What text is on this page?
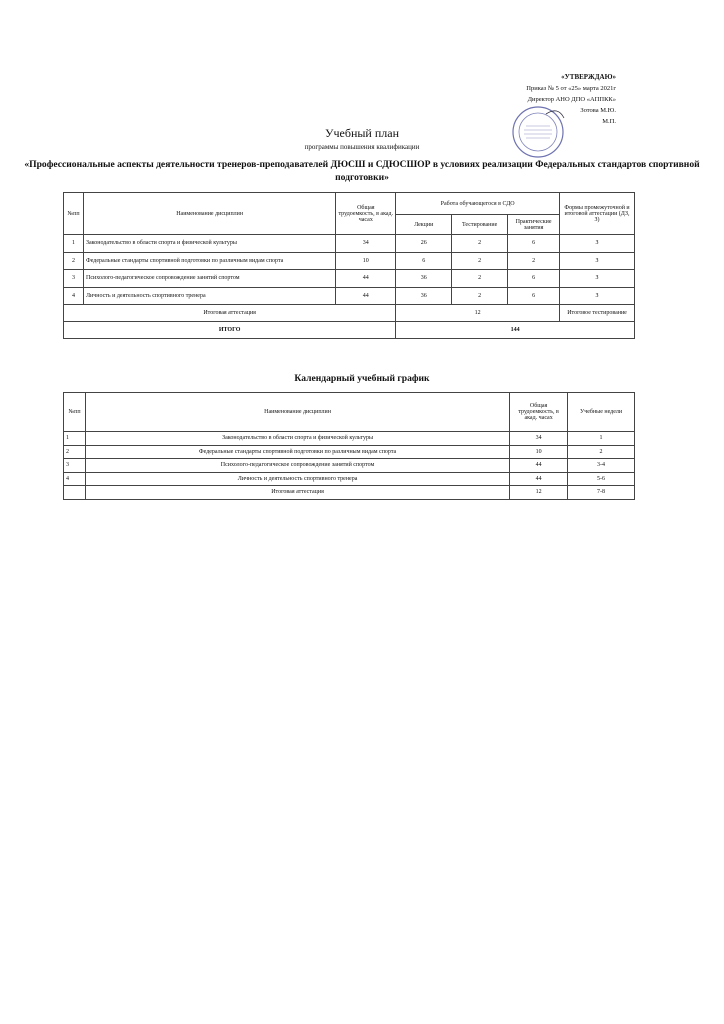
«УТВЕРЖДАЮ»
Приказ № 5 от «25» марта 2021г
Директор АНО ДПО «АППКК»
Зотова М.Ю.
М.П.
Учебный план
программы повышения квалификации
«Профессиональные аспекты деятельности тренеров-преподавателей ДЮСШ и СДЮСШОР в условиях реализации Федеральных стандартов спортивной подготовки»
№пп	Наименование дисциплин	Общая трудоемкость, в акад. часах	Работа обучающегося в СДО			Формы промежуточной и итоговой аттестации (ДЗ, З)
			Лекции	Тестирование	Практические занятия	
1	Законодательство в области спорта и физической культуры	34	26	2	6	З
2	Федеральные стандарты спортивной подготовки по различным видам спорта	10	6	2	2	З
3	Психолого-педагогическое сопровождение занятий спортом	44	36	2	6	З
4	Личность и деятельность спортивного тренера	44	36	2	6	З
Итоговая аттестация			12			Итоговое тестирование
ИТОГО			144			
Календарный учебный график
№пп	Наименование дисциплин	Общая трудоемкость, в акад. часах	Учебные недели
1	Законодательство в области спорта и физической культуры	34	1
2	Федеральные стандарты спортивной подготовки по различным видам спорта	10	2
3	Психолого-педагогическое сопровождение занятий спортом	44	3-4
4	Личность и деятельность спортивного тренера	44	5-6
	Итоговая аттестация	12	7-8
